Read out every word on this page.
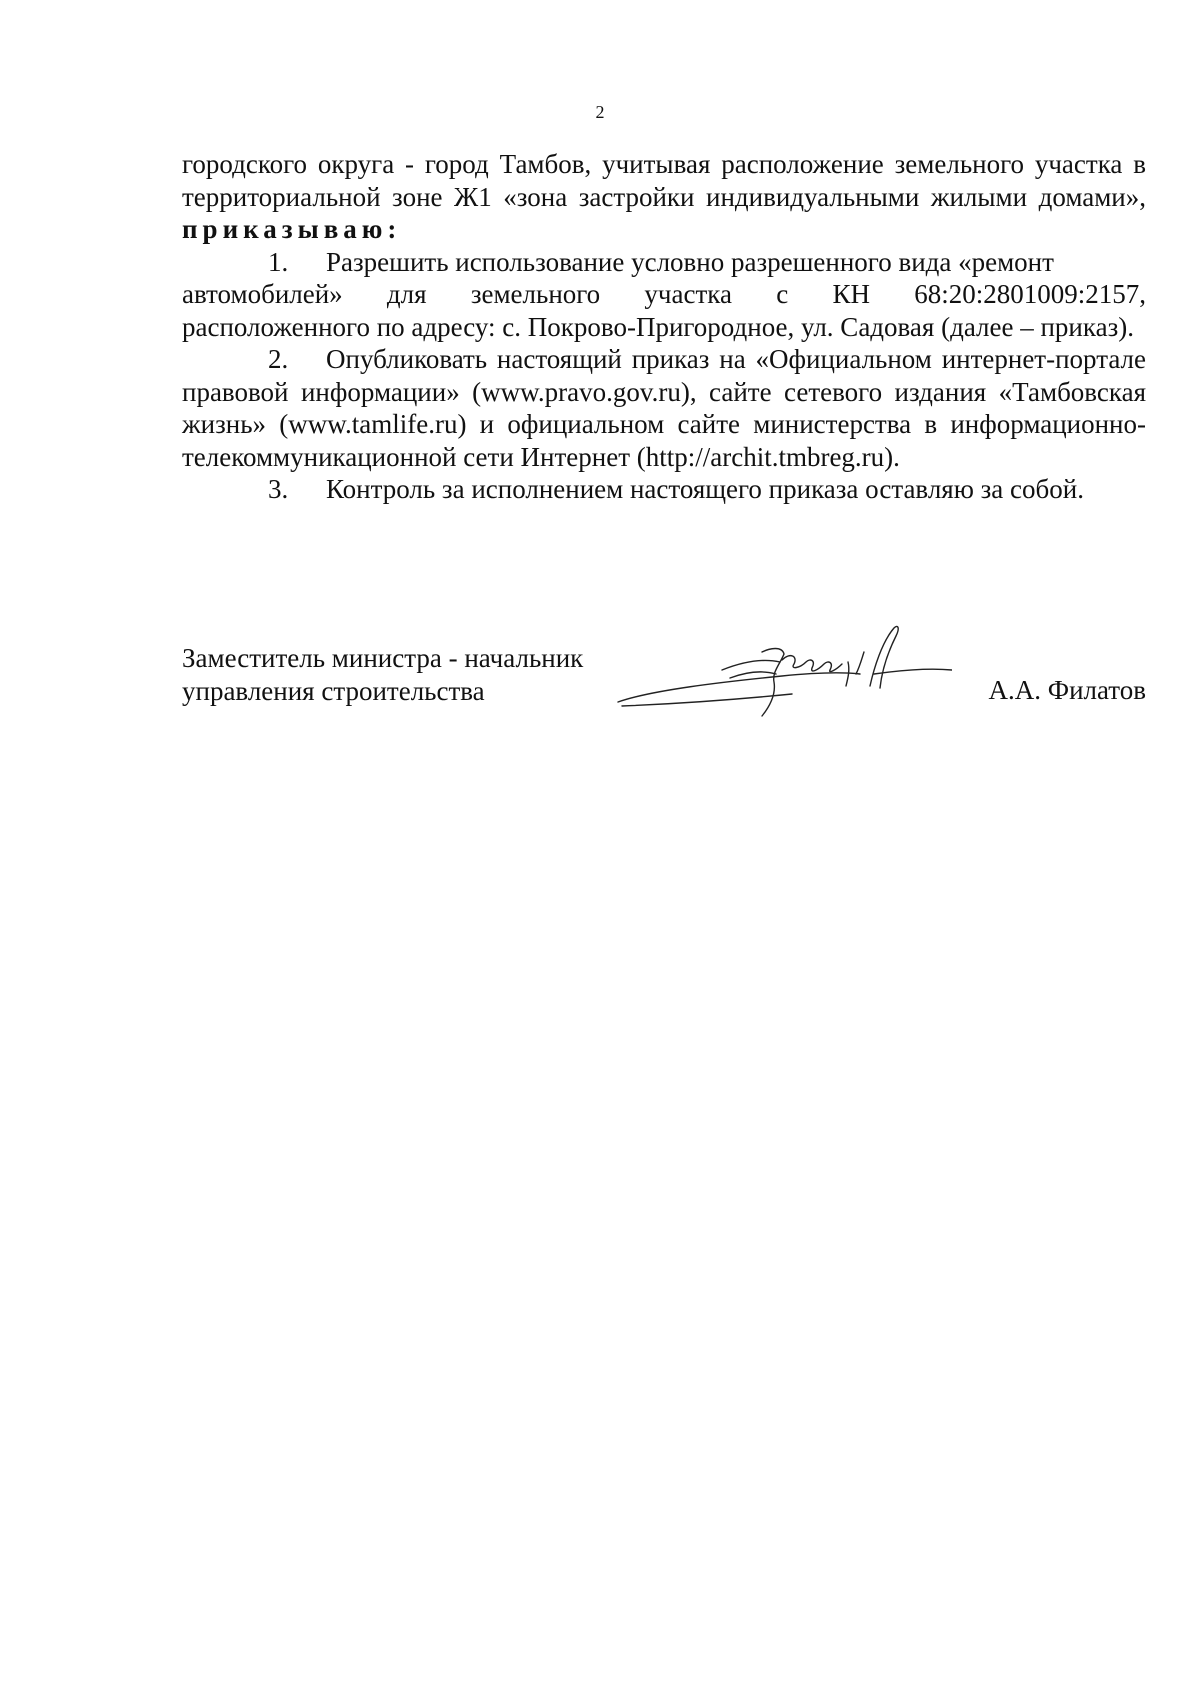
2

городского округа - город Тамбов, учитывая расположение земельного участка в территориальной зоне Ж1 «зона застройки индивидуальными жилыми домами», приказываю:

1. Разрешить использование условно разрешенного вида «ремонт

автомобилей» для земельного участка с КН 68:20:2801009:2157,

расположенного по адресу: с. Покрово-Пригородное, ул. Садовая (далее – приказ).

2. Опубликовать настоящий приказ на «Официальном интернет-портале правовой информации» (www.pravo.gov.ru), сайте сетевого издания «Тамбовская жизнь» (www.tamlife.ru) и официальном сайте министерства в информационно-телекоммуникационной сети Интернет (http://archit.tmbreg.ru).

3. Контроль за исполнением настоящего приказа оставляю за собой.

Заместитель министра - начальник
управления строительства	А.А. Филатов
